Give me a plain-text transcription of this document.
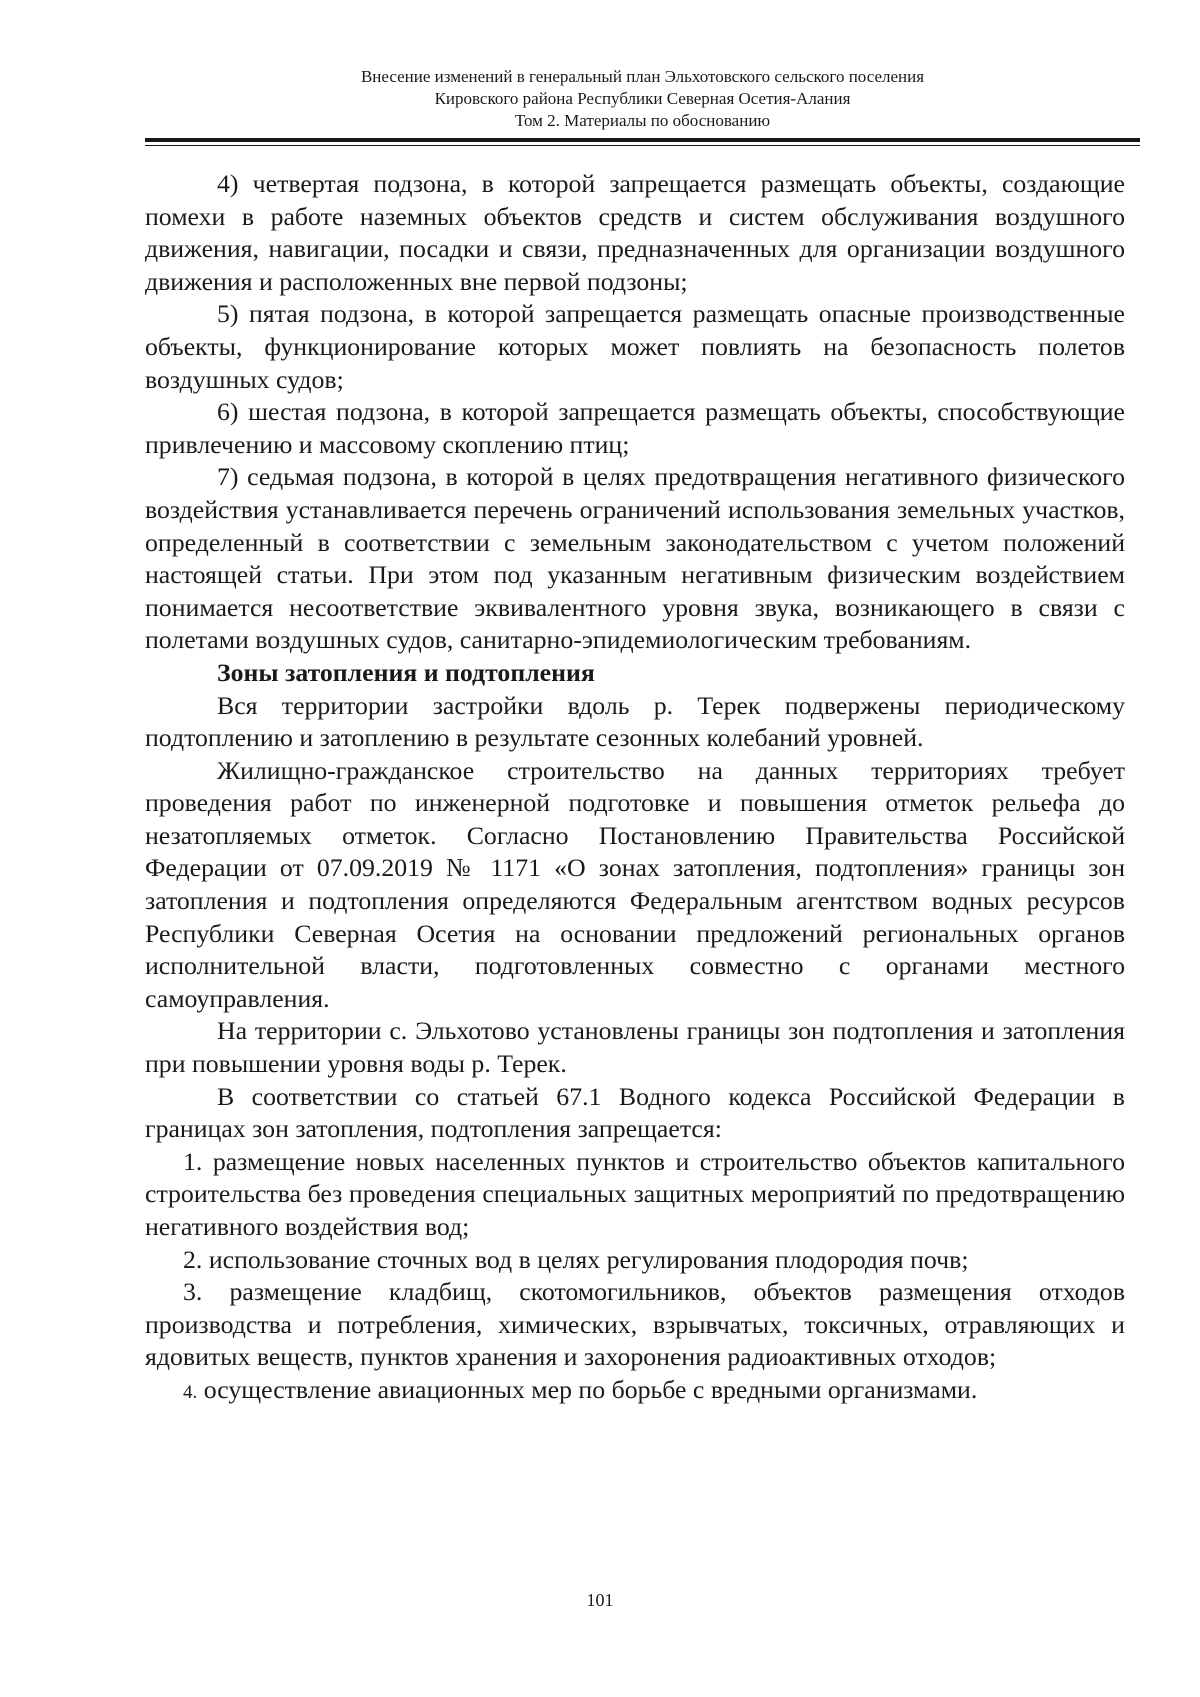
Внесение изменений в генеральный план Эльхотовского сельского поселения
Кировского района Республики Северная Осетия-Алания
Том 2. Материалы по обоснованию

4) четвертая подзона, в которой запрещается размещать объекты, создающие помехи в работе наземных объектов средств и систем обслуживания воздушного движения, навигации, посадки и связи, предназначенных для организации воздушного движения и расположенных вне первой подзоны;

5) пятая подзона, в которой запрещается размещать опасные производственные объекты, функционирование которых может повлиять на безопасность полетов воздушных судов;

6) шестая подзона, в которой запрещается размещать объекты, способствующие привлечению и массовому скоплению птиц;

7) седьмая подзона, в которой в целях предотвращения негативного физического воздействия устанавливается перечень ограничений использования земельных участков, определенный в соответствии с земельным законодательством с учетом положений настоящей статьи. При этом под указанным негативным физическим воздействием понимается несоответствие эквивалентного уровня звука, возникающего в связи с полетами воздушных судов, санитарно-эпидемиологическим требованиям.

Зоны затопления и подтопления

Вся территории застройки вдоль р. Терек подвержены периодическому подтоплению и затоплению в результате сезонных колебаний уровней.

Жилищно-гражданское строительство на данных территориях требует проведения работ по инженерной подготовке и повышения отметок рельефа до незатопляемых отметок. Согласно Постановлению Правительства Российской Федерации от 07.09.2019 № 1171 «О зонах затопления, подтопления» границы зон затопления и подтопления определяются Федеральным агентством водных ресурсов Республики Северная Осетия на основании предложений региональных органов исполнительной власти, подготовленных совместно с органами местного самоуправления.

На территории с. Эльхотово установлены границы зон подтопления и затопления при повышении уровня воды р. Терек.

В соответствии со статьей 67.1 Водного кодекса Российской Федерации в границах зон затопления, подтопления запрещается:

1. размещение новых населенных пунктов и строительство объектов капитального строительства без проведения специальных защитных мероприятий по предотвращению негативного воздействия вод;

2. использование сточных вод в целях регулирования плодородия почв;

3. размещение кладбищ, скотомогильников, объектов размещения отходов производства и потребления, химических, взрывчатых, токсичных, отравляющих и ядовитых веществ, пунктов хранения и захоронения радиоактивных отходов;

4. осуществление авиационных мер по борьбе с вредными организмами.

101
